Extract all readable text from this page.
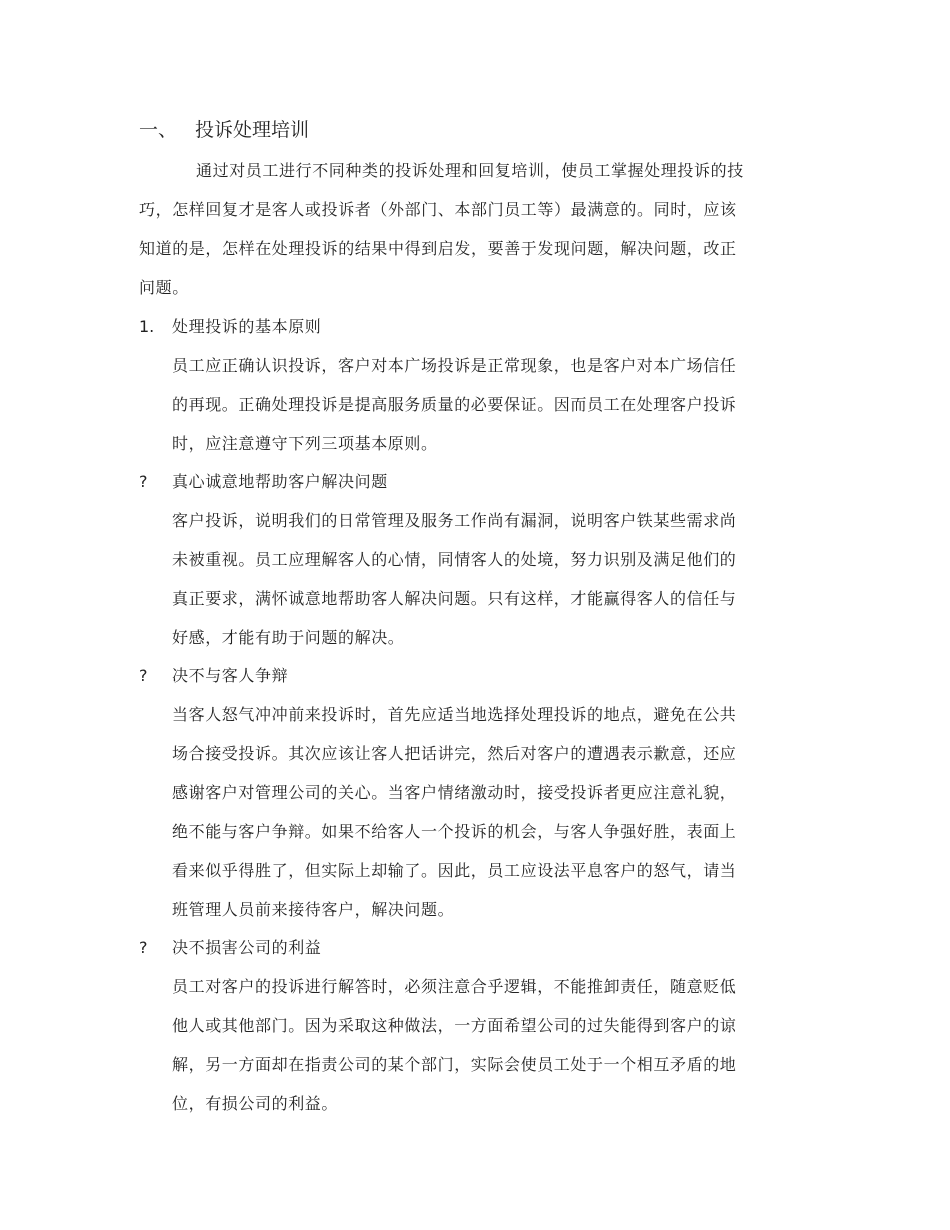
一、 投诉处理培训
通过对员工进行不同种类的投诉处理和回复培训，使员工掌握处理投诉的技
巧，怎样回复才是客人或投诉者（外部门、本部门员工等）最满意的。同时，应该
知道的是，怎样在处理投诉的结果中得到启发，要善于发现问题，解决问题，改正
问题。
1. 处理投诉的基本原则
员工应正确认识投诉，客户对本广场投诉是正常现象，也是客户对本广场信任
的再现。正确处理投诉是提高服务质量的必要保证。因而员工在处理客户投诉
时，应注意遵守下列三项基本原则。
? 真心诚意地帮助客户解决问题
客户投诉，说明我们的日常管理及服务工作尚有漏洞，说明客户铁某些需求尚
未被重视。员工应理解客人的心情，同情客人的处境，努力识别及满足他们的
真正要求，满怀诚意地帮助客人解决问题。只有这样，才能赢得客人的信任与
好感，才能有助于问题的解决。
? 决不与客人争辩
当客人怒气冲冲前来投诉时，首先应适当地选择处理投诉的地点，避免在公共
场合接受投诉。其次应该让客人把话讲完，然后对客户的遭遇表示歉意，还应
感谢客户对管理公司的关心。当客户情绪激动时，接受投诉者更应注意礼貌，
绝不能与客户争辩。如果不给客人一个投诉的机会，与客人争强好胜，表面上
看来似乎得胜了，但实际上却输了。因此，员工应设法平息客户的怒气，请当
班管理人员前来接待客户，解决问题。
? 决不损害公司的利益
员工对客户的投诉进行解答时，必须注意合乎逻辑，不能推卸责任，随意贬低
他人或其他部门。因为采取这种做法，一方面希望公司的过失能得到客户的谅
解，另一方面却在指责公司的某个部门，实际会使员工处于一个相互矛盾的地
位，有损公司的利益。
